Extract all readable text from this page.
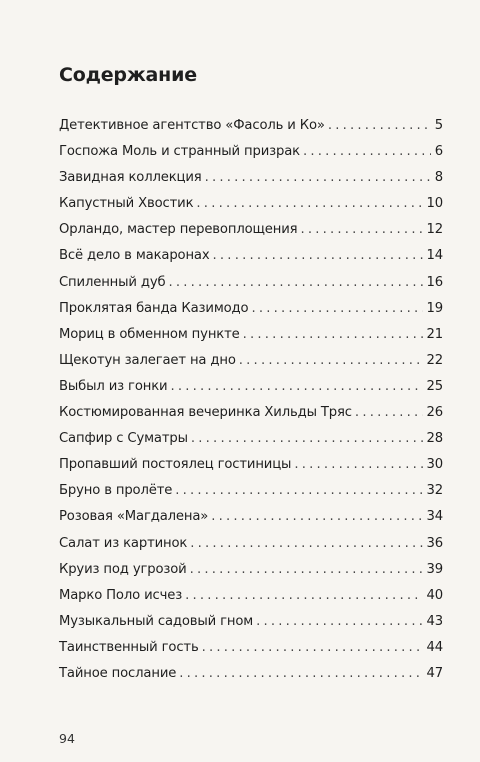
Содержание
Детективное агентство «Фасоль и Ко» .....	5
Госпожа Моль и странный призрак .....	6
Завидная коллекция .....	8
Капустный Хвостик .....	10
Орландо, мастер перевоплощения .....	12
Всё дело в макаронах .....	14
Спиленный дуб .....	16
Проклятая банда Казимодо .....	19
Мориц в обменном пункте .....	21
Щекотун залегает на дно .....	22
Выбыл из гонки .....	25
Костюмированная вечеринка Хильды Тряс .....	26
Сапфир с Суматры .....	28
Пропавший постоялец гостиницы .....	30
Бруно в пролёте .....	32
Розовая «Магдалена» .....	34
Салат из картинок .....	36
Круиз под угрозой .....	39
Марко Поло исчез .....	40
Музыкальный садовый гном .....	43
Таинственный гость .....	44
Тайное послание .....	47
94
